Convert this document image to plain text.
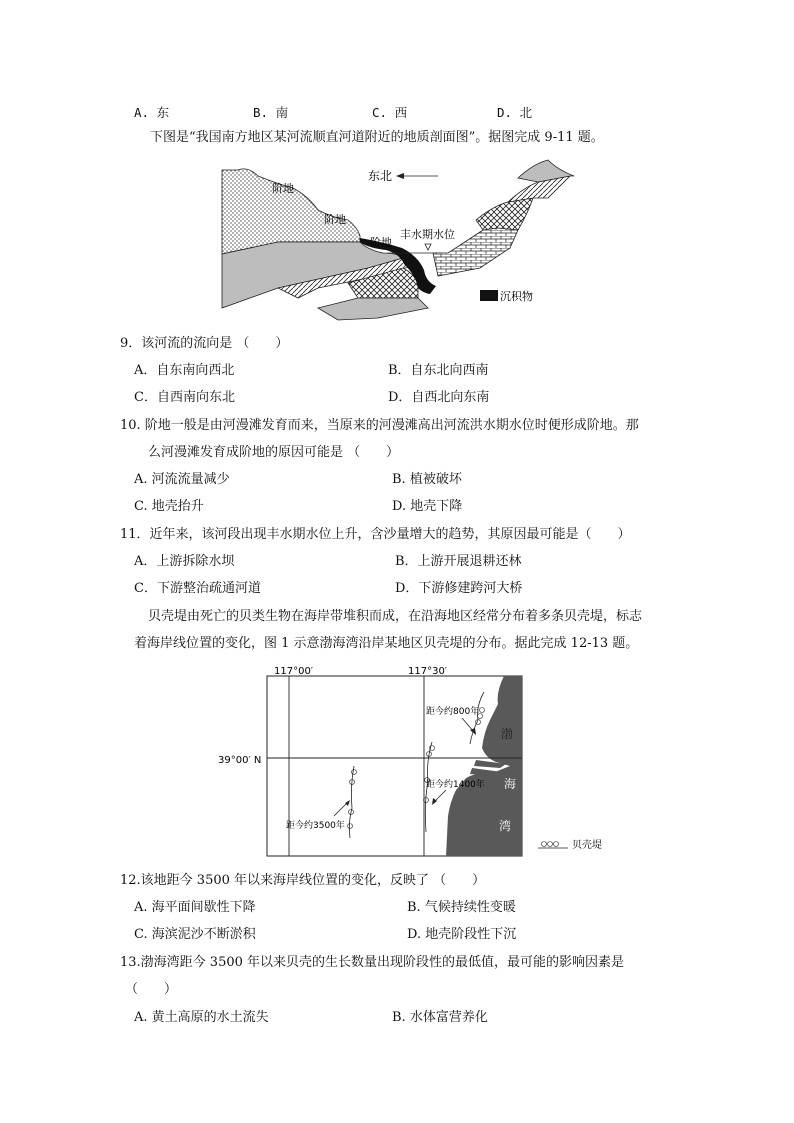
A. 东	B. 南	C. 西	D. 北
下图是“我国南方地区某河流顺直河道附近的地质剖面图”。据图完成 9-11 题。
东北
阶地
阶地
阶地
丰水期水位
沉积物
9．该河流的流向是 （　　）
A．自东南向西北	B．自东北向西南
C．自西南向东北	D．自西北向东南
10. 阶地一般是由河漫滩发育而来，当原来的河漫滩高出河流洪水期水位时便形成阶地。那
么河漫滩发育成阶地的原因可能是 （　　）
A. 河流流量减少	B. 植被破坏
C. 地壳抬升	D. 地壳下降
11．近年来，该河段出现丰水期水位上升，含沙量增大的趋势，其原因最可能是（　　）
A．上游拆除水坝	B．上游开展退耕还林
C．下游整治疏通河道	D．下游修建跨河大桥
贝壳堤由死亡的贝类生物在海岸带堆积而成，在沿海地区经常分布着多条贝壳堤，标志
着海岸线位置的变化，图 1 示意渤海湾沿岸某地区贝壳堤的分布。据此完成 12-13 题。
117°00′	117°30′
39°00′ N
距今约800年
距今约1400年
距今约3500年
渤
海
湾
贝壳堤
12.该地距今 3500 年以来海岸线位置的变化，反映了 （　　）
A. 海平面间歇性下降	B. 气候持续性变暖
C. 海滨泥沙不断淤积	D. 地壳阶段性下沉
13.渤海湾距今 3500 年以来贝壳的生长数量出现阶段性的最低值，最可能的影响因素是
（　　）
A. 黄土高原的水土流失	B. 水体富营养化
